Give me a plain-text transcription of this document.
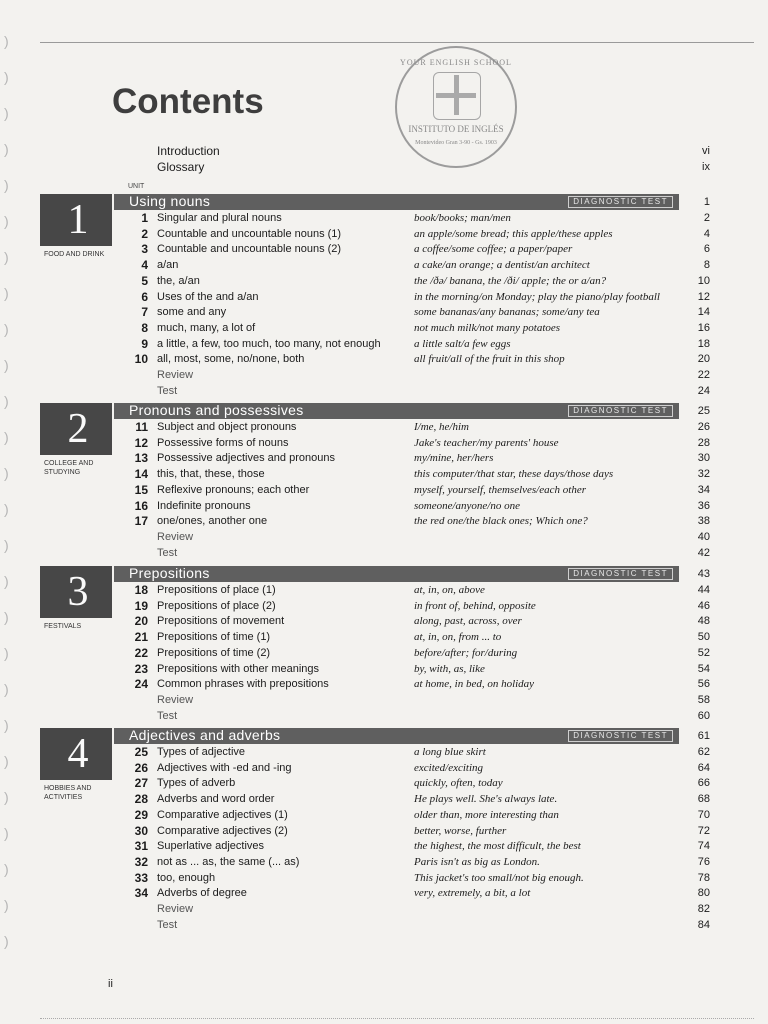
)
)
)
)
)
)
)
)
)
)
)
)
)
)
)
)
)
)
)
)
)
)
)
)
)
)
YOUR ENGLISH SCHOOL
INSTITUTO DE INGLÉS
Montevideo Gran 3-90 - Gs. 1903
Contents
Introduction	vi
Glossary	ix
UNIT
1	Using nouns	DIAGNOSTIC TEST	1
FOOD AND DRINK
1 Singular and plural nouns	book/books; man/men	2
2 Countable and uncountable nouns (1)	an apple/some bread; this apple/these apples	4
3 Countable and uncountable nouns (2)	a coffee/some coffee; a paper/paper	6
4 a/an	a cake/an orange; a dentist/an architect	8
5 the, a/an	the /ðə/ banana, the /ði/ apple; the or a/an?	10
6 Uses of the and a/an	in the morning/on Monday; play the piano/play football	12
7 some and any	some bananas/any bananas; some/any tea	14
8 much, many, a lot of	not much milk/not many potatoes	16
9 a little, a few, too much, too many, not enough	a little salt/a few eggs	18
10 all, most, some, no/none, both	all fruit/all of the fruit in this shop	20
Review	22
Test	24
2	Pronouns and possessives	DIAGNOSTIC TEST	25
COLLEGE AND STUDYING
11 Subject and object pronouns	I/me, he/him	26
12 Possessive forms of nouns	Jake's teacher/my parents' house	28
13 Possessive adjectives and pronouns	my/mine, her/hers	30
14 this, that, these, those	this computer/that star, these days/those days	32
15 Reflexive pronouns; each other	myself, yourself, themselves/each other	34
16 Indefinite pronouns	someone/anyone/no one	36
17 one/ones, another one	the red one/the black ones; Which one?	38
Review	40
Test	42
3	Prepositions	DIAGNOSTIC TEST	43
FESTIVALS
18 Prepositions of place (1)	at, in, on, above	44
19 Prepositions of place (2)	in front of, behind, opposite	46
20 Prepositions of movement	along, past, across, over	48
21 Prepositions of time (1)	at, in, on, from ... to	50
22 Prepositions of time (2)	before/after; for/during	52
23 Prepositions with other meanings	by, with, as, like	54
24 Common phrases with prepositions	at home, in bed, on holiday	56
Review	58
Test	60
4	Adjectives and adverbs	DIAGNOSTIC TEST	61
HOBBIES AND ACTIVITIES
25 Types of adjective	a long blue skirt	62
26 Adjectives with -ed and -ing	excited/exciting	64
27 Types of adverb	quickly, often, today	66
28 Adverbs and word order	He plays well. She's always late.	68
29 Comparative adjectives (1)	older than, more interesting than	70
30 Comparative adjectives (2)	better, worse, further	72
31 Superlative adjectives	the highest, the most difficult, the best	74
32 not as ... as, the same (... as)	Paris isn't as big as London.	76
33 too, enough	This jacket's too small/not big enough.	78
34 Adverbs of degree	very, extremely, a bit, a lot	80
Review	82
Test	84
ii
